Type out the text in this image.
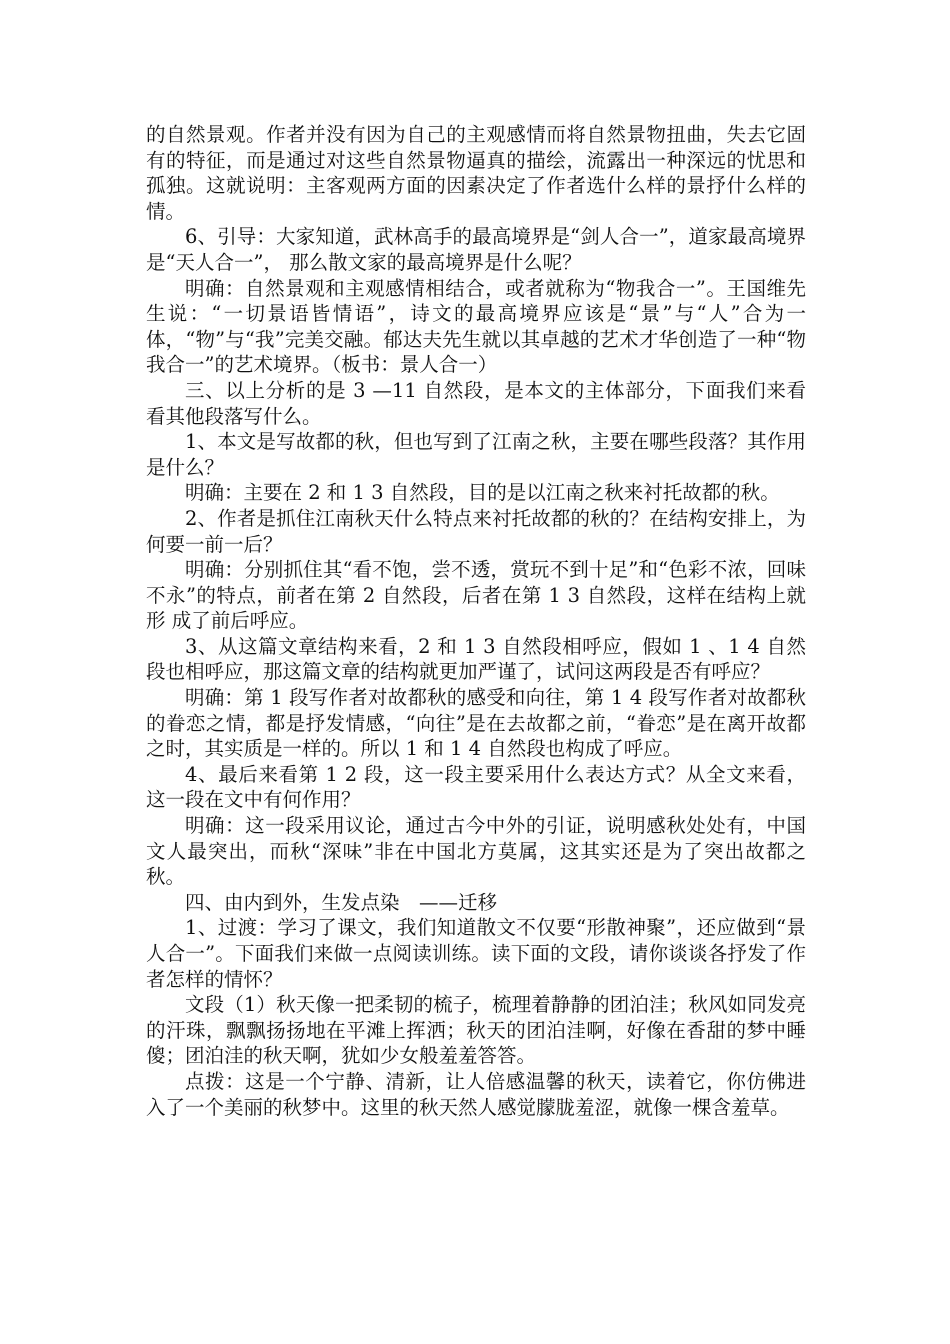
的自然景观。作者并没有因为自己的主观感情而将自然景物扭曲，失去它固有的特征，而是通过对这些自然景物逼真的描绘，流露出一种深远的忧思和孤独。这就说明：主客观两方面的因素决定了作者选什么样的景抒什么样的情。

6、引导：大家知道，武林高手的最高境界是“剑人合一”，道家最高境界是“天人合一”， 那么散文家的最高境界是什么呢？

明确：自然景观和主观感情相结合，或者就称为“物我合一”。王国维先生说：“一切景语皆情语”，诗文的最高境界应该是“景”与“人”合为一体，“物”与“我”完美交融。郁达夫先生就以其卓越的艺术才华创造了一种“物我合一”的艺术境界。（板书：景人合一）

三、以上分析的是 3 —11 自然段，是本文的主体部分，下面我们来看看其他段落写什么。

1、本文是写故都的秋，但也写到了江南之秋，主要在哪些段落？其作用是什么？

明确：主要在 2 和 1 3 自然段，目的是以江南之秋来衬托故都的秋。

2、作者是抓住江南秋天什么特点来衬托故都的秋的？在结构安排上，为何要一前一后？

明确：分别抓住其“看不饱，尝不透，赏玩不到十足”和“色彩不浓，回味不永”的特点，前者在第 2 自然段，后者在第 1 3 自然段，这样在结构上就形 成了前后呼应。

3、从这篇文章结构来看，2 和 1 3 自然段相呼应，假如 1 、1 4 自然段也相呼应，那这篇文章的结构就更加严谨了，试问这两段是否有呼应？

明确：第 1 段写作者对故都秋的感受和向往，第 1 4 段写作者对故都秋的眷恋之情，都是抒发情感，“向往”是在去故都之前，“眷恋”是在离开故都之时，其实质是一样的。所以 1 和 1 4 自然段也构成了呼应。

4、最后来看第 1 2 段，这一段主要采用什么表达方式？从全文来看，这一段在文中有何作用？

明确：这一段采用议论，通过古今中外的引证，说明感秋处处有，中国文人最突出，而秋“深味”非在中国北方莫属，这其实还是为了突出故都之秋。

四、由内到外，生发点染　——迁移

1、过渡：学习了课文，我们知道散文不仅要“形散神聚”，还应做到“景人合一”。下面我们来做一点阅读训练。读下面的文段，请你谈谈各抒发了作者怎样的情怀？

文段（1）秋天像一把柔韧的梳子，梳理着静静的团泊洼；秋风如同发亮的汗珠，飘飘扬扬地在平滩上挥洒；秋天的团泊洼啊，好像在香甜的梦中睡傻；团泊洼的秋天啊，犹如少女般羞羞答答。

点拨：这是一个宁静、清新，让人倍感温馨的秋天，读着它，你仿佛进入了一个美丽的秋梦中。这里的秋天然人感觉朦胧羞涩，就像一棵含羞草。
